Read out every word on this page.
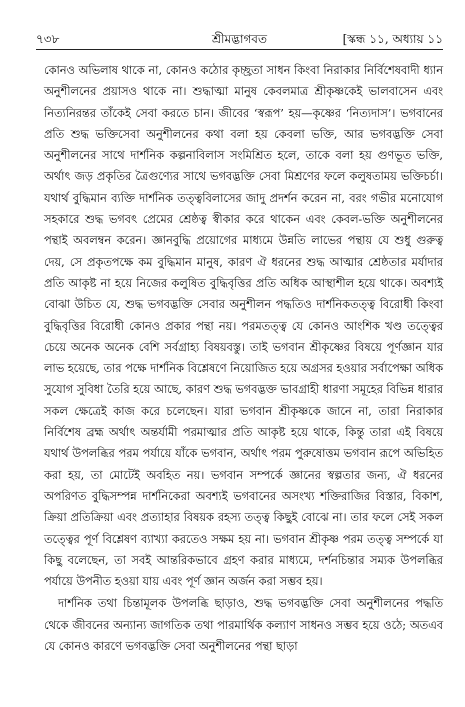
৭৩৮	শ্রীমদ্ভাগবত	[স্কন্ধ ১১, অধ্যায় ১১

কোনও অভিলাষ থাকে না, কোনও কঠোর কৃচ্ছ্রতা সাধন কিংবা নিরাকার নির্বিশেষবাদী ধ্যান অনুশীলনের প্রয়াসও থাকে না। শুদ্ধাত্মা মানুষ কেবলমাত্র শ্রীকৃষ্ণকেই ভালবাসেন এবং নিত্যনিরন্তর তাঁকেই সেবা করতে চান। জীবের ‘স্বরূপ’ হয়—কৃষ্ণের ‘নিত্যদাস’। ভগবানের প্রতি শুদ্ধ ভক্তিসেবা অনুশীলনের কথা বলা হয় কেবলা ভক্তি, আর ভগবদ্ভক্তি সেবা অনুশীলনের সাথে দার্শনিক কল্পনাবিলাস সংমিশ্রিত হলে, তাকে বলা হয় গুণভূত ভক্তি, অর্থাৎ জড় প্রকৃতির ত্রৈগুণ্যের সাথে ভগবদ্ভক্তি সেবা মিশ্রণের ফলে কলুষতাময় ভক্তিচর্চা। যথার্থ বুদ্ধিমান ব্যক্তি দার্শনিক তত্ত্ববিলাসের জাদু প্রদর্শন করেন না, বরং গভীর মনোযোগ সহকারে শুদ্ধ ভগবৎ প্রেমের শ্রেষ্ঠত্ব স্বীকার করে থাকেন এবং কেবল-ভক্তি অনুশীলনের পন্থাই অবলম্বন করেন। জ্ঞানবুদ্ধি প্রয়োগের মাধ্যমে উন্নতি লাভের পন্থায় যে শুধু গুরুত্ব দেয়, সে প্রকৃতপক্ষে কম বুদ্ধিমান মানুষ, কারণ ঐ ধরনের শুদ্ধ আত্মার শ্রেষ্ঠতার মর্যাদার প্রতি আকৃষ্ট না হয়ে নিজের কলুষিত বুদ্ধিবৃত্তির প্রতি অধিক আস্থাশীল হয়ে থাকে। অবশ্যই বোঝা উচিত যে, শুদ্ধ ভগবদ্ভক্তি সেবার অনুশীলন পদ্ধতিও দার্শনিকতত্ত্ব বিরোধী কিংবা বুদ্ধিবৃত্তির বিরোধী কোনও প্রকার পন্থা নয়। পরমতত্ত্ব যে কোনও আংশিক খণ্ড তত্ত্বের চেয়ে অনেক অনেক বেশি সর্বগ্রাহ্য বিষয়বস্তু। তাই ভগবান শ্রীকৃষ্ণের বিষয়ে পূর্ণজ্ঞান যার লাভ হয়েছে, তার পক্ষে দার্শনিক বিশ্লেষণে নিয়োজিত হয়ে অগ্রসর হওয়ার সর্বাপেক্ষা অধিক সুযোগ সুবিধা তৈরি হয়ে আছে, কারণ শুদ্ধ ভগবদ্ভক্ত ভাবগ্রাহী ধারণা সমূহের বিভিন্ন ধারার সকল ক্ষেত্রেই কাজ করে চলেছেন। যারা ভগবান শ্রীকৃষ্ণকে জানে না, তারা নিরাকার নির্বিশেষ ব্রহ্ম অর্থাৎ অন্তর্যামী পরমাত্মার প্রতি আকৃষ্ট হয়ে থাকে, কিন্তু তারা এই বিষয়ে যথার্থ উপলব্ধির পরম পর্যায়ে যাঁকে ভগবান, অর্থাৎ পরম পুরুষোত্তম ভগবান রূপে অভিহিত করা হয়, তা মোটেই অবহিত নয়। ভগবান সম্পর্কে জ্ঞানের স্বল্পতার জন্য, ঐ ধরনের অপরিণত বুদ্ধিসম্পন্ন দার্শনিকেরা অবশ্যই ভগবানের অসংখ্য শক্তিরাজির বিস্তার, বিকাশ, ক্রিয়া প্রতিক্রিয়া এবং প্রত্যাহার বিষয়ক রহস্য তত্ত্ব কিছুই বোঝে না। তার ফলে সেই সকল তত্ত্বের পূর্ণ বিশ্লেষণ ব্যাখ্যা করতেও সক্ষম হয় না। ভগবান শ্রীকৃষ্ণ পরম তত্ত্ব সম্পর্কে যা কিছু বলেছেন, তা সবই আন্তরিকভাবে গ্রহণ করার মাধ্যমে, দর্শনচিন্তার সম্যক উপলব্ধির পর্যায়ে উপনীত হওয়া যায় এবং পূর্ণ জ্ঞান অর্জন করা সম্ভব হয়।

দার্শনিক তথা চিন্তামূলক উপলব্ধি ছাড়াও, শুদ্ধ ভগবদ্ভক্তি সেবা অনুশীলনের পদ্ধতি থেকে জীবনের অন্যান্য জাগতিক তথা পারমার্থিক কল্যাণ সাধনও সম্ভব হয়ে ওঠে; অতএব যে কোনও কারণে ভগবদ্ভক্তি সেবা অনুশীলনের পন্থা ছাড়া
